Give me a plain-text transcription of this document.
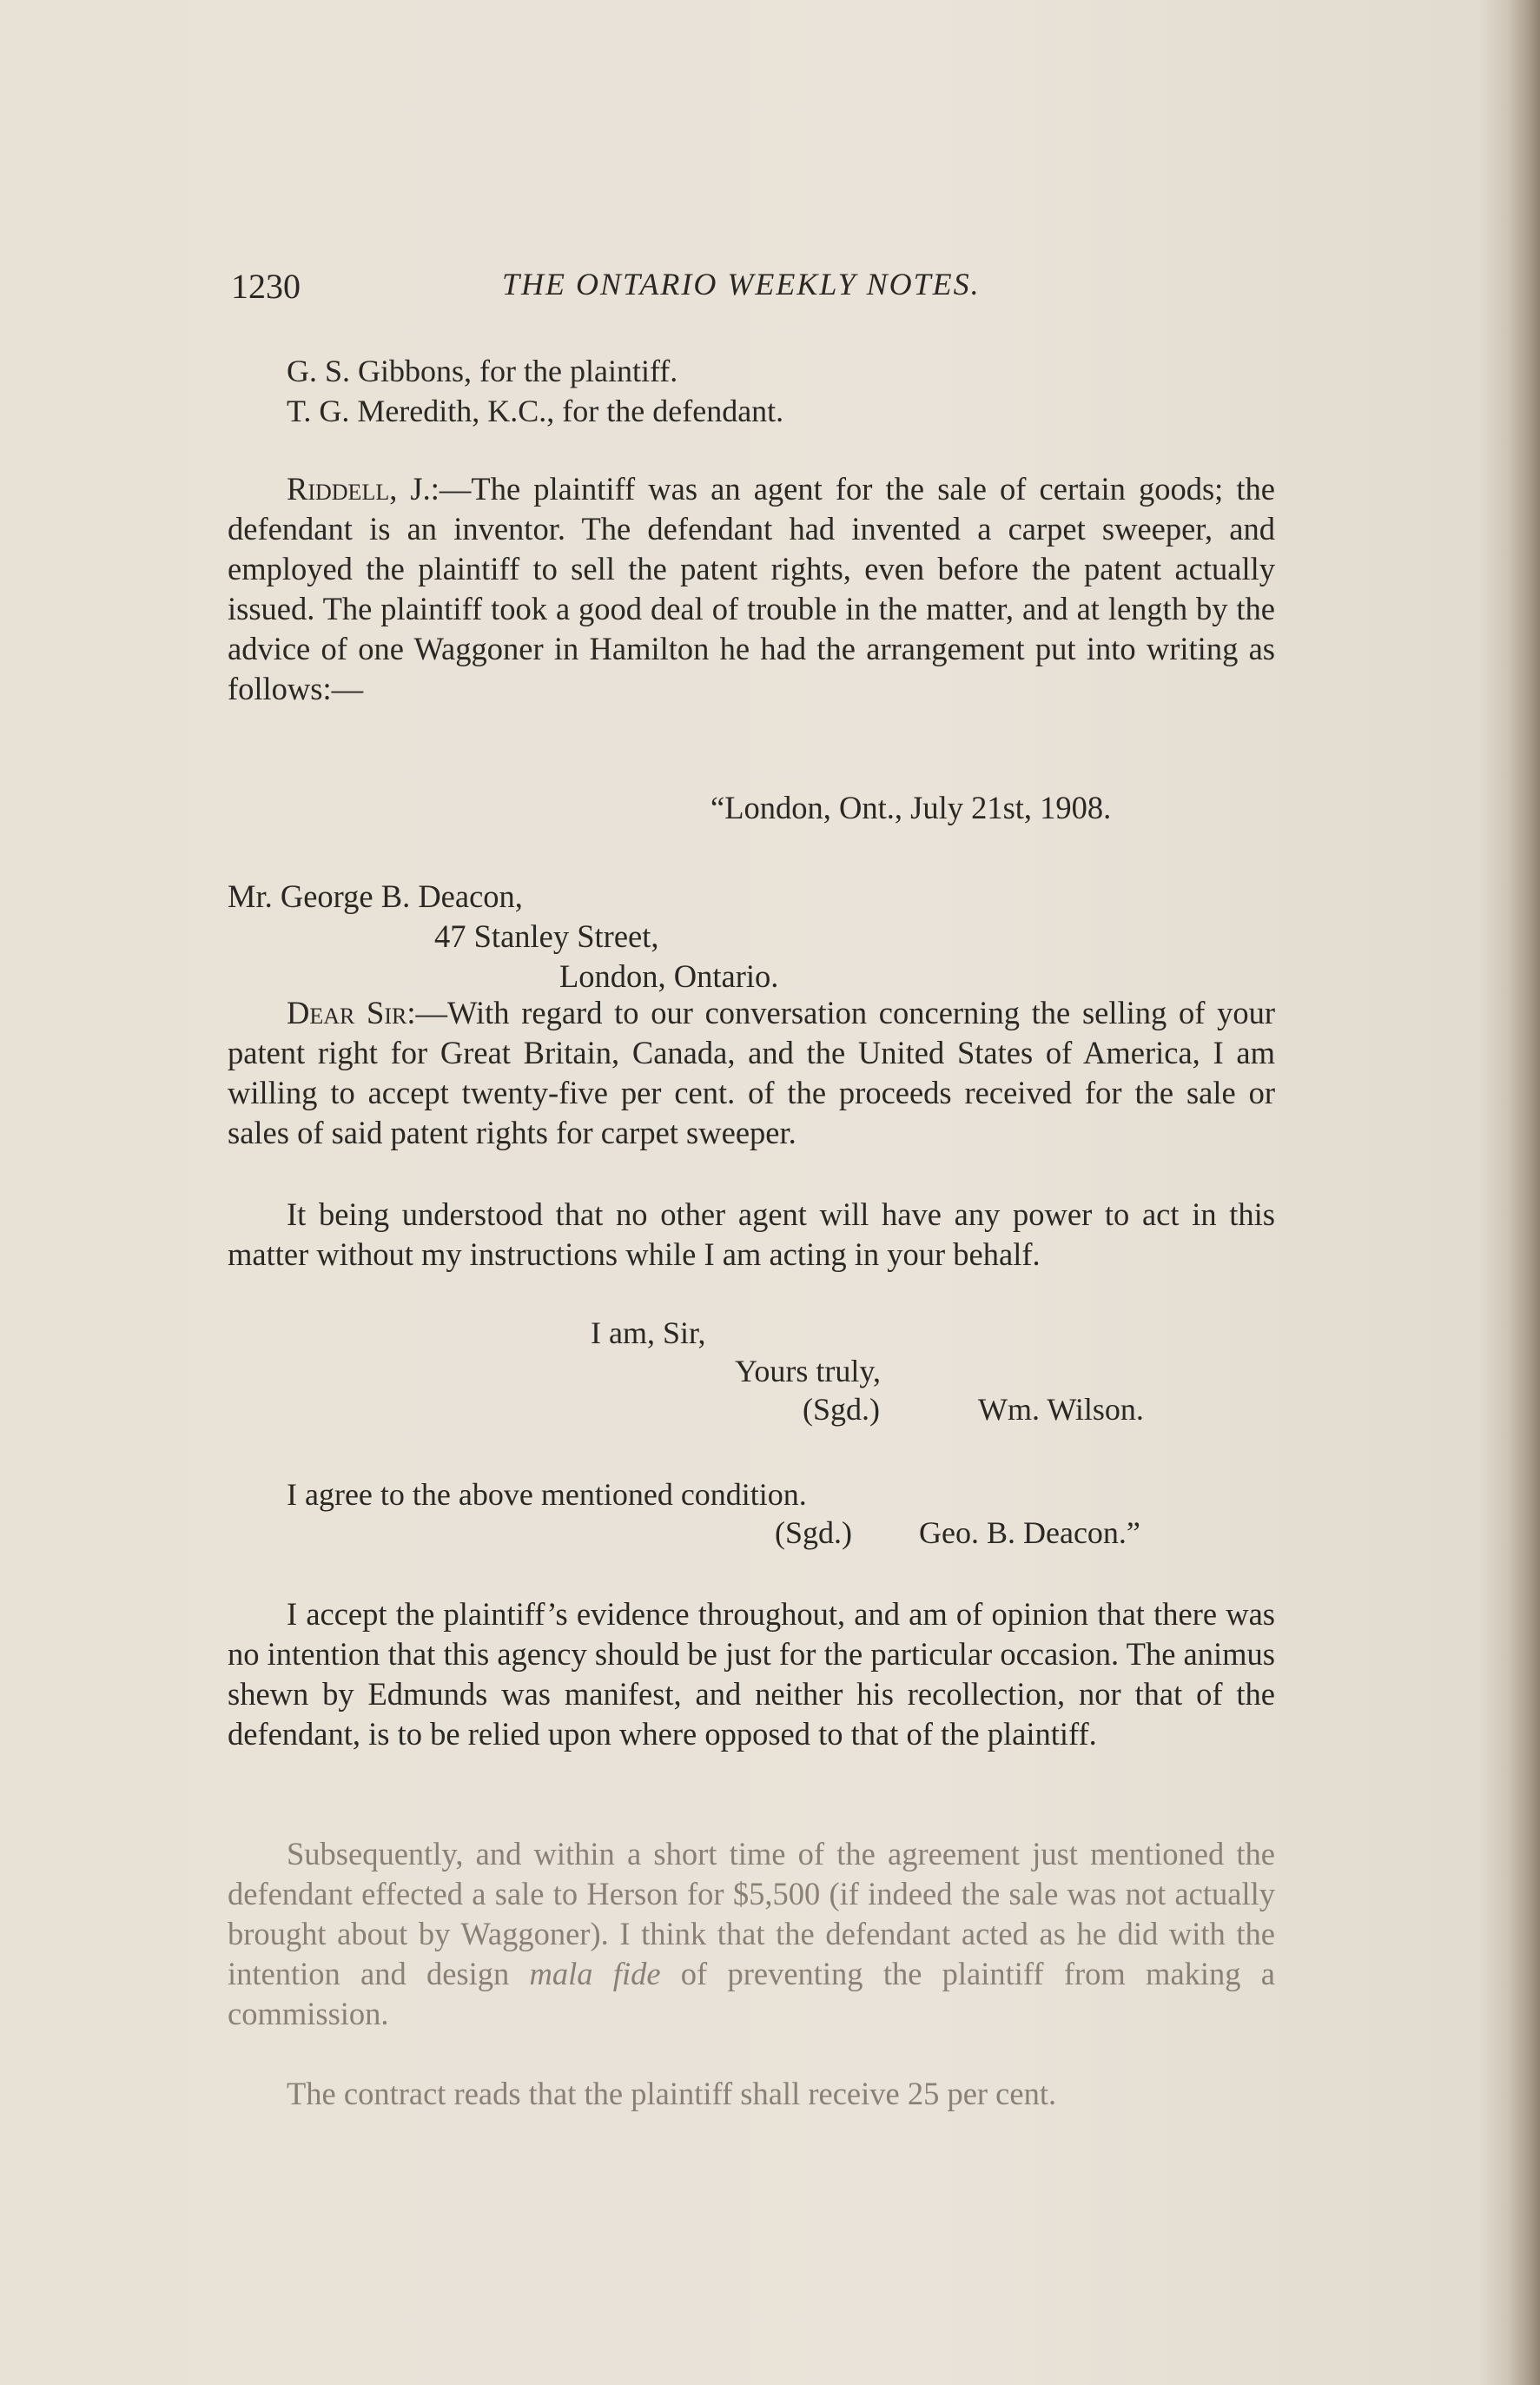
1230	THE ONTARIO WEEKLY NOTES.
G. S. Gibbons, for the plaintiff.
T. G. Meredith, K.C., for the defendant.
Riddell, J.:—The plaintiff was an agent for the sale of certain goods; the defendant is an inventor. The defendant had invented a carpet sweeper, and employed the plaintiff to sell the patent rights, even before the patent actually issued. The plaintiff took a good deal of trouble in the matter, and at length by the advice of one Waggoner in Hamilton he had the arrangement put into writing as follows:—
“London, Ont., July 21st, 1908.
Mr. George B. Deacon,
47 Stanley Street,
London, Ontario.
Dear Sir:—With regard to our conversation concerning the selling of your patent right for Great Britain, Canada, and the United States of America, I am willing to accept twenty-five per cent. of the proceeds received for the sale or sales of said patent rights for carpet sweeper.
It being understood that no other agent will have any power to act in this matter without my instructions while I am acting in your behalf.
I am, Sir,
Yours truly,
(Sgd.)	Wm. Wilson.
I agree to the above mentioned condition.
(Sgd.) Geo. B. Deacon.”
I accept the plaintiff’s evidence throughout, and am of opinion that there was no intention that this agency should be just for the particular occasion. The animus shewn by Edmunds was manifest, and neither his recollection, nor that of the defendant, is to be relied upon where opposed to that of the plaintiff.
Subsequently, and within a short time of the agreement just mentioned the defendant effected a sale to Herson for $5,500 (if indeed the sale was not actually brought about by Waggoner). I think that the defendant acted as he did with the intention and design mala fide of preventing the plaintiff from making a commission.
The contract reads that the plaintiff shall receive 25 per cent.
